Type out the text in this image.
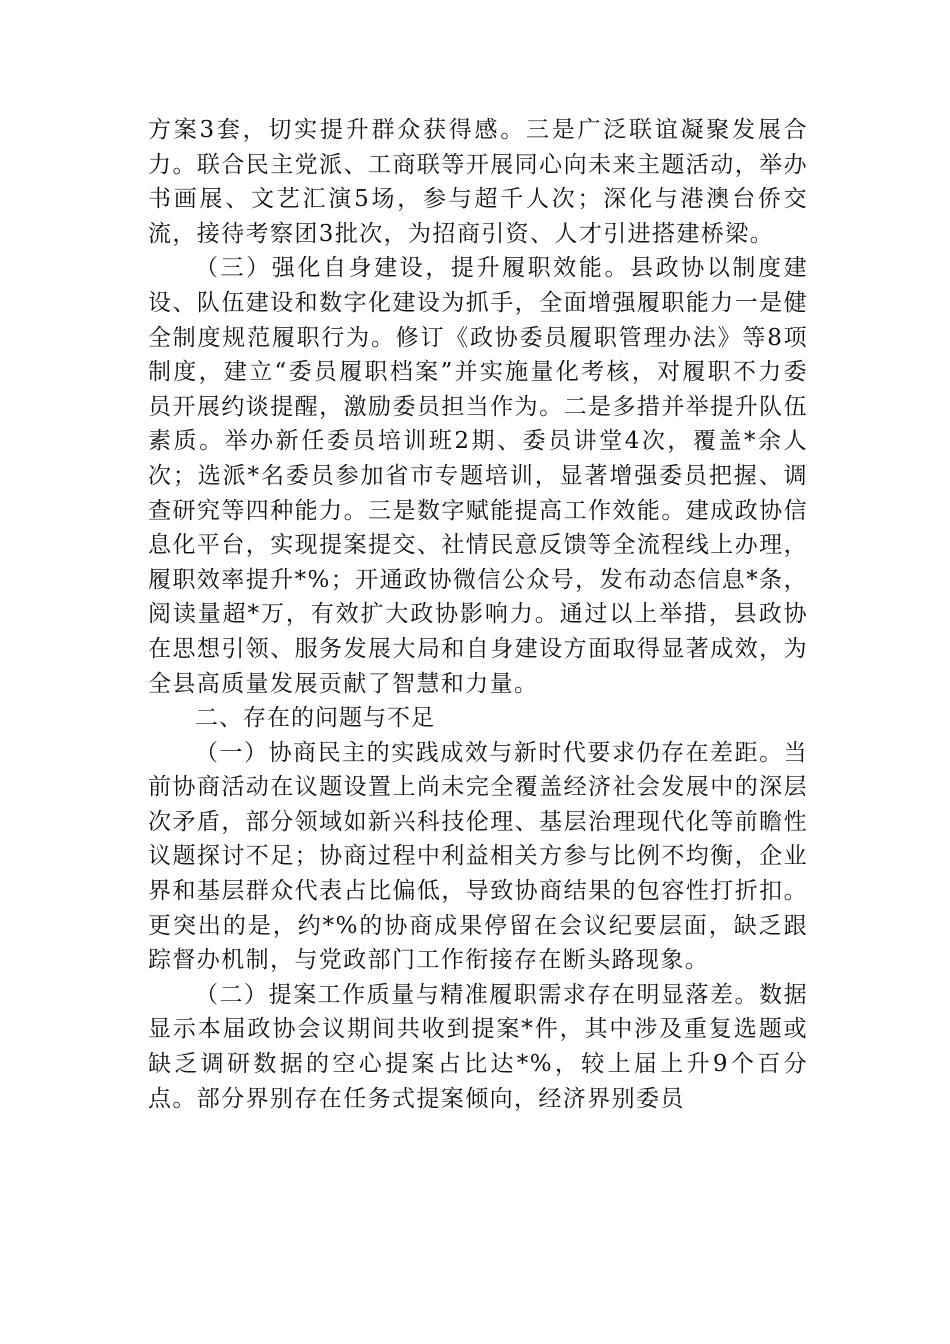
方案3套，切实提升群众获得感。三是广泛联谊凝聚发展合力。联合民主党派、工商联等开展同心向未来主题活动，举办书画展、文艺汇演5场，参与超千人次；深化与港澳台侨交流，接待考察团3批次，为招商引资、人才引进搭建桥梁。

（三）强化自身建设，提升履职效能。县政协以制度建设、队伍建设和数字化建设为抓手，全面增强履职能力一是健全制度规范履职行为。修订《政协委员履职管理办法》等8项制度，建立“委员履职档案”并实施量化考核，对履职不力委员开展约谈提醒，激励委员担当作为。二是多措并举提升队伍素质。举办新任委员培训班2期、委员讲堂4次，覆盖*余人次；选派*名委员参加省市专题培训，显著增强委员把握、调查研究等四种能力。三是数字赋能提高工作效能。建成政协信息化平台，实现提案提交、社情民意反馈等全流程线上办理，履职效率提升*%；开通政协微信公众号，发布动态信息*条，阅读量超*万，有效扩大政协影响力。通过以上举措，县政协在思想引领、服务发展大局和自身建设方面取得显著成效，为全县高质量发展贡献了智慧和力量。

二、存在的问题与不足

（一）协商民主的实践成效与新时代要求仍存在差距。当前协商活动在议题设置上尚未完全覆盖经济社会发展中的深层次矛盾，部分领域如新兴科技伦理、基层治理现代化等前瞻性议题探讨不足；协商过程中利益相关方参与比例不均衡，企业界和基层群众代表占比偏低，导致协商结果的包容性打折扣。更突出的是，约*%的协商成果停留在会议纪要层面，缺乏跟踪督办机制，与党政部门工作衔接存在断头路现象。

（二）提案工作质量与精准履职需求存在明显落差。数据显示本届政协会议期间共收到提案*件，其中涉及重复选题或缺乏调研数据的空心提案占比达*%，较上届上升9个百分点。部分界别存在任务式提案倾向，经济界别委员
